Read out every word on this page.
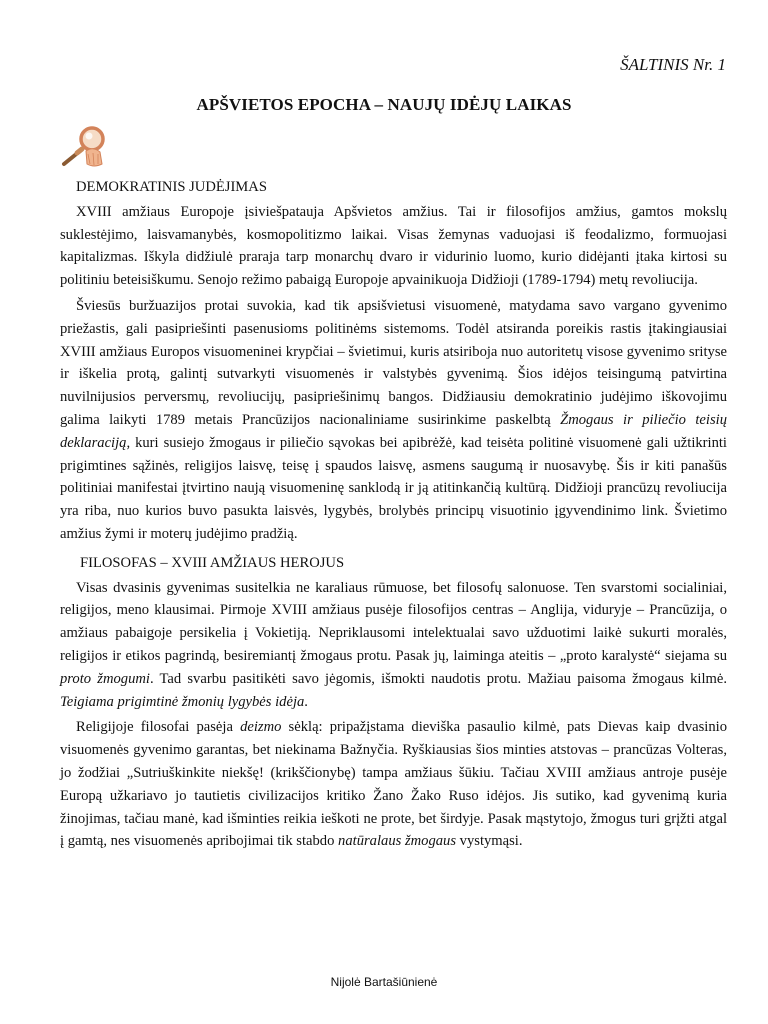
ŠALTINIS Nr. 1
APŠVIETOS EPOCHA – NAUJŲ IDĖJŲ LAIKAS
DEMOKRATINIS JUDĖJIMAS

XVIII amžiaus Europoje įsiviešpatauja Apšvietos amžius. Tai ir filosofijos amžius, gamtos mokslų suklestėjimo, laisvamanybės, kosmopolitizmo laikai. Visas žemynas vaduojasi iš feodalizmo, formuojasi kapitalizmas. Iškyla didžiulė praraja tarp monarchų dvaro ir vidurinio luomo, kurio didėjanti įtaka kirtosi su politiniu beteisiškumu. Senojo režimo pabaigą Europoje apvainikuoja Didžioji (1789-1794) metų revoliucija.

Šviesūs buržuazijos protai suvokia, kad tik apsišvietusi visuomenė, matydama savo vargano gyvenimo priežastis, gali pasipriešinti pasenusioms politinėms sistemoms. Todėl atsiranda poreikis rastis įtakingiausiai XVIII amžiaus Europos visuomeninei krypčiai – švietimui, kuris atsiriboja nuo autoritetų visose gyvenimo srityse ir iškelia protą, galintį sutvarkyti visuomenės ir valstybės gyvenimą. Šios idėjos teisingumą patvirtina nuvilnijusios perversmų, revoliucijų, pasipriešinimų bangos. Didžiausiu demokratinio judėjimo iškovojimu galima laikyti 1789 metais Prancūzijos nacionaliniame susirinkime paskelbtą Žmogaus ir piliečio teisių deklaraciją, kuri susiejo žmogaus ir piliečio sąvokas bei apibrėžė, kad teisėta politinė visuomenė gali užtikrinti prigimtines sąžinės, religijos laisvę, teisę į spaudos laisvę, asmens saugumą ir nuosavybę. Šis ir kiti panašūs politiniai manifestai įtvirtino naują visuomeninę sanklodą ir ją atitinkančią kultūrą. Didžioji prancūzų revoliucija yra riba, nuo kurios buvo pasukta laisvės, lygybės, brolybės principų visuotinio įgyvendinimo link. Švietimo amžius žymi ir moterų judėjimo pradžią.

FILOSOFAS – XVIII AMŽIAUS HEROJUS

Visas dvasinis gyvenimas susitelkia ne karaliaus rūmuose, bet filosofų salonuose. Ten svarstomi socialiniai, religijos, meno klausimai. Pirmoje XVIII amžiaus pusėje filosofijos centras – Anglija, viduryje – Prancūzija, o amžiaus pabaigoje persikelia į Vokietiją. Nepriklausomi intelektualai savo užduotimi laikė sukurti moralės, religijos ir etikos pagrindą, besiremiantį žmogaus protu. Pasak jų, laiminga ateitis – „proto karalystė“ siejama su proto žmogumi. Tad svarbu pasitikėti savo jėgomis, išmokti naudotis protu. Mažiau paisoma žmogaus kilmė. Teigiama prigimtinė žmonių lygybės idėja.

Religijoje filosofai pasėja deizmo sėklą: pripažįstama dieviška pasaulio kilmė, pats Dievas kaip dvasinio visuomenės gyvenimo garantas, bet niekinama Bažnyčia. Ryškiausias šios minties atstovas – prancūzas Volteras, jo žodžiai „Sutriuškinkite niekšę! (krikščionybę) tampa amžiaus šūkiu. Tačiau XVIII amžiaus antroje pusėje Europą užkariavo jo tautietis civilizacijos kritiko Žano Žako Ruso idėjos. Jis sutiko, kad gyvenimą kuria žinojimas, tačiau manė, kad išminties reikia ieškoti ne prote, bet širdyje. Pasak mąstytojo, žmogus turi grįžti atgal į gamtą, nes visuomenės apribojimai tik stabdo natūralaus žmogaus vystymąsi.

Nijolė Bartašiūnienė
